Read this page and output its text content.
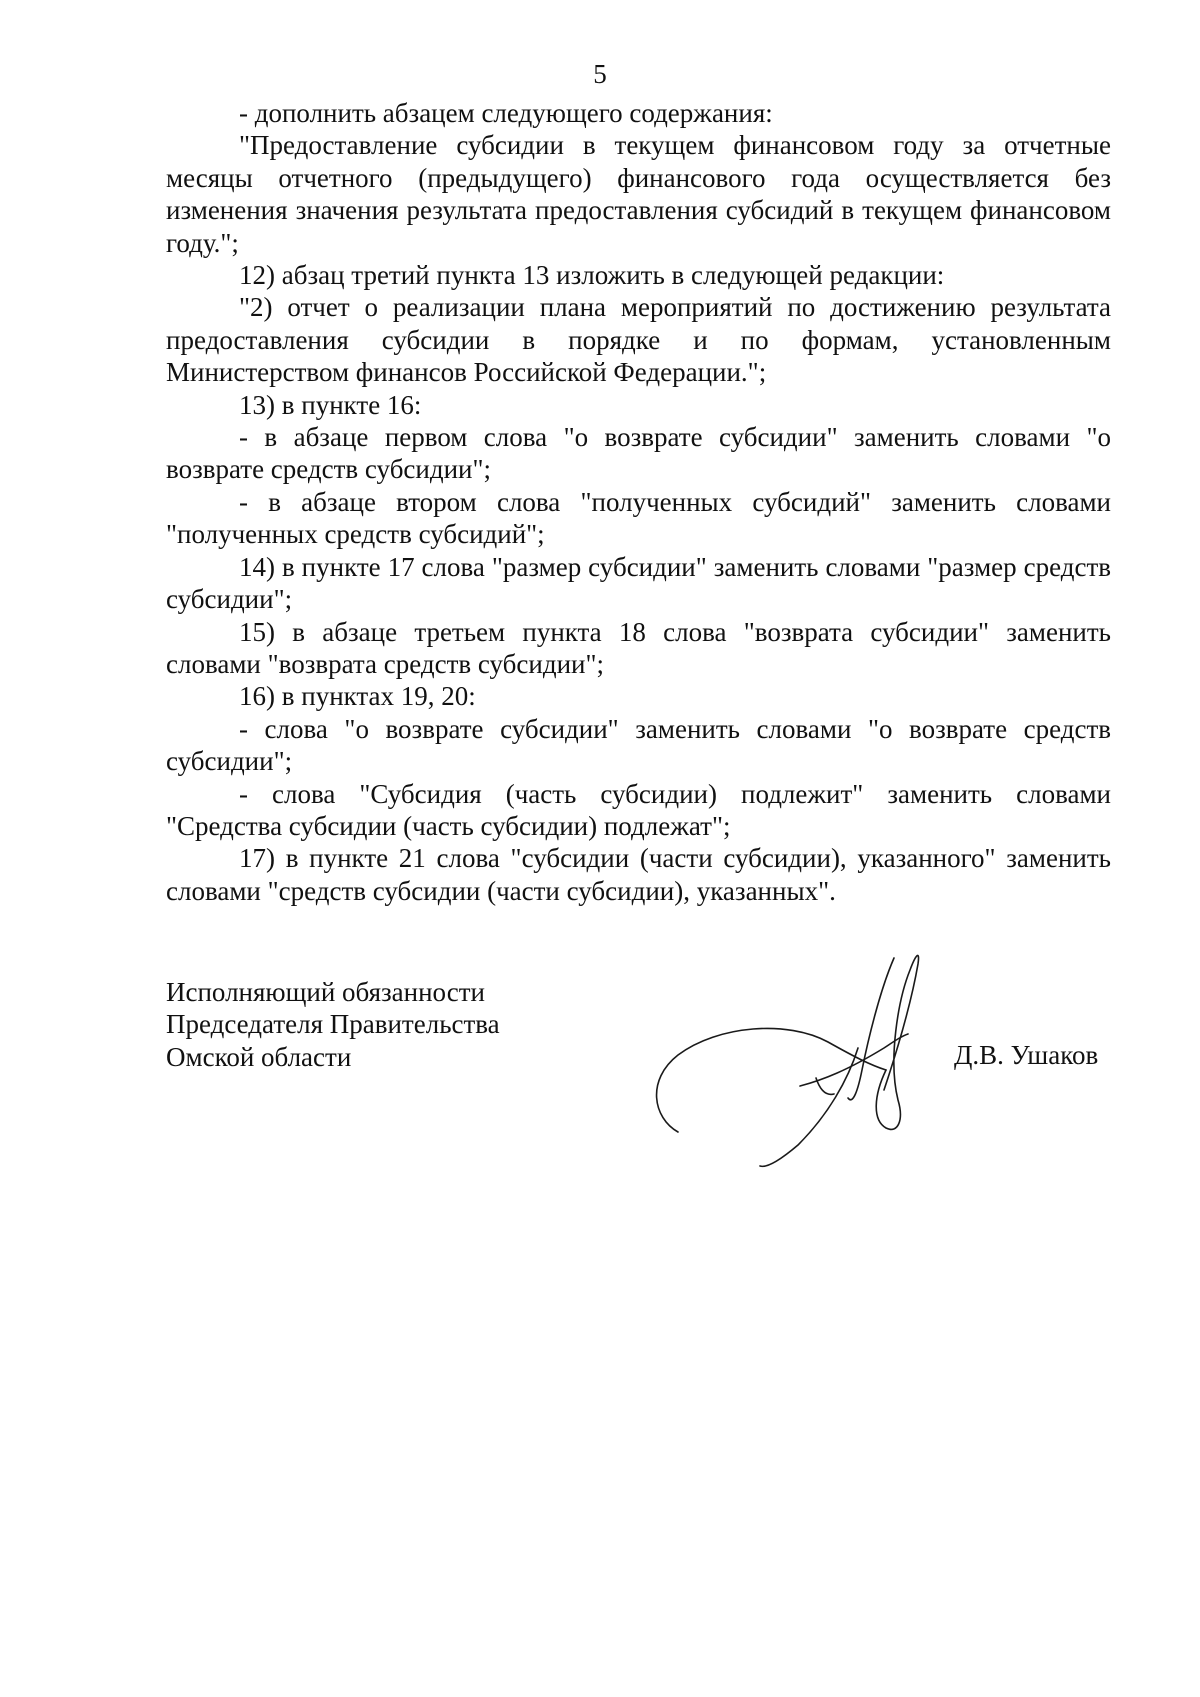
5

- дополнить абзацем следующего содержания:

"Предоставление субсидии в текущем финансовом году за отчетные месяцы отчетного (предыдущего) финансового года осуществляется без изменения значения результата предоставления субсидий в текущем финансовом году.";

12) абзац третий пункта 13 изложить в следующей редакции:

"2) отчет о реализации плана мероприятий по достижению результата предоставления субсидии в порядке и по формам, установленным Министерством финансов Российской Федерации.";

13) в пункте 16:

- в абзаце первом слова "о возврате субсидии" заменить словами "о возврате средств субсидии";

- в абзаце втором слова "полученных субсидий" заменить словами "полученных средств субсидий";

14) в пункте 17 слова "размер субсидии" заменить словами "размер средств субсидии";

15) в абзаце третьем пункта 18 слова "возврата субсидии" заменить словами "возврата средств субсидии";

16) в пунктах 19, 20:

- слова "о возврате субсидии" заменить словами "о возврате средств субсидии";

- слова "Субсидия (часть субсидии) подлежит" заменить словами "Средства субсидии (часть субсидии) подлежат";

17) в пункте 21 слова "субсидии (части субсидии), указанного" заменить словами "средств субсидии (части субсидии), указанных".

Исполняющий обязанности
Председателя Правительства
Омской области	Д.В. Ушаков
